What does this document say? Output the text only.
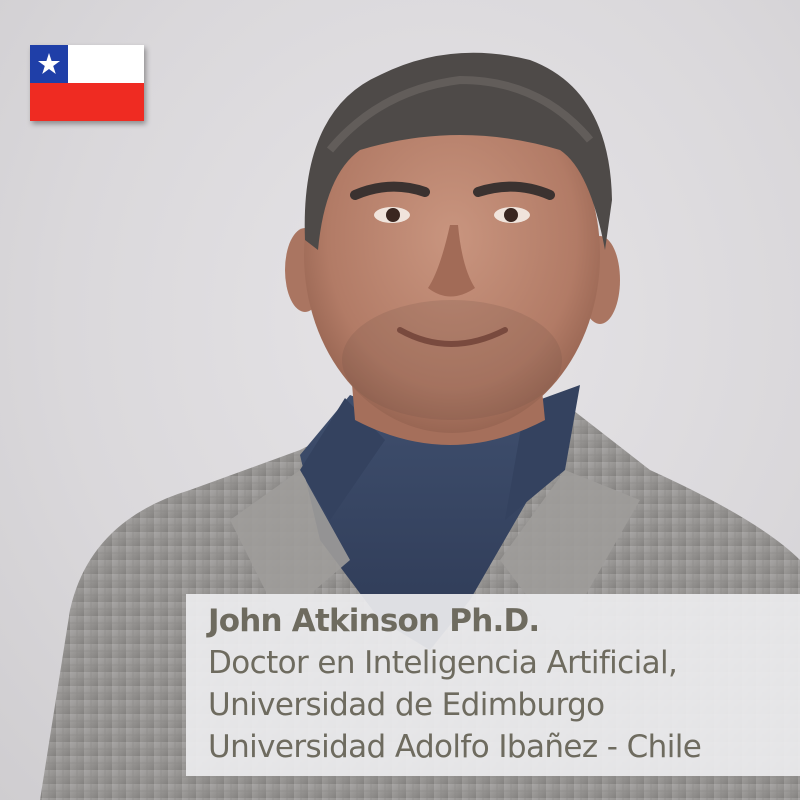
John Atkinson Ph.D.
Doctor en Inteligencia Artificial,
Universidad de Edimburgo
Universidad Adolfo Ibañez - Chile
